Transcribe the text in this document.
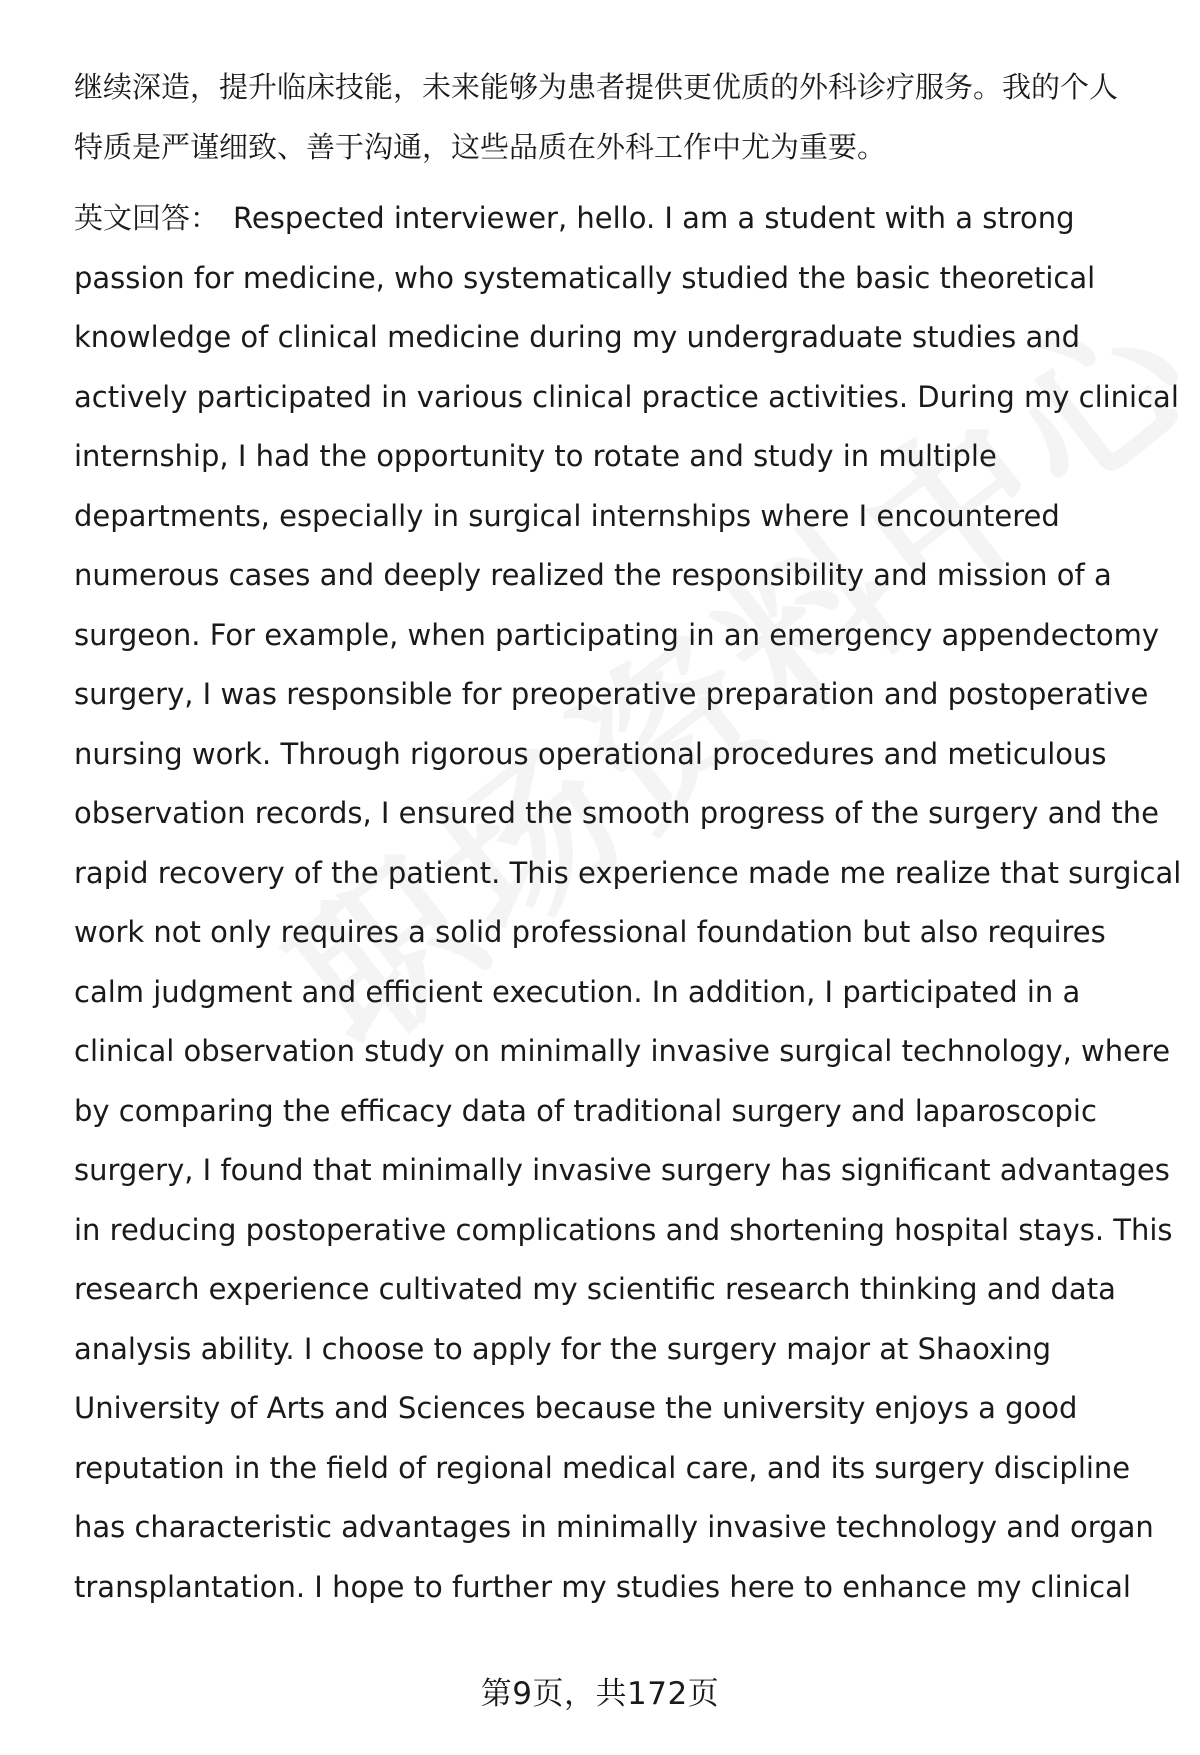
继续深造，提升临床技能，未来能够为患者提供更优质的外科诊疗服务。我的个人
特质是严谨细致、善于沟通，这些品质在外科工作中尤为重要。
英文回答： Respected interviewer, hello. I am a student with a strong
passion for medicine, who systematically studied the basic theoretical
knowledge of clinical medicine during my undergraduate studies and
actively participated in various clinical practice activities. During my clinical
internship, I had the opportunity to rotate and study in multiple
departments, especially in surgical internships where I encountered
numerous cases and deeply realized the responsibility and mission of a
surgeon. For example, when participating in an emergency appendectomy
surgery, I was responsible for preoperative preparation and postoperative
nursing work. Through rigorous operational procedures and meticulous
observation records, I ensured the smooth progress of the surgery and the
rapid recovery of the patient. This experience made me realize that surgical
work not only requires a solid professional foundation but also requires
calm judgment and efficient execution. In addition, I participated in a
clinical observation study on minimally invasive surgical technology, where
by comparing the efficacy data of traditional surgery and laparoscopic
surgery, I found that minimally invasive surgery has significant advantages
in reducing postoperative complications and shortening hospital stays. This
research experience cultivated my scientific research thinking and data
analysis ability. I choose to apply for the surgery major at Shaoxing
University of Arts and Sciences because the university enjoys a good
reputation in the field of regional medical care, and its surgery discipline
has characteristic advantages in minimally invasive technology and organ
transplantation. I hope to further my studies here to enhance my clinical
第9页，共172页
